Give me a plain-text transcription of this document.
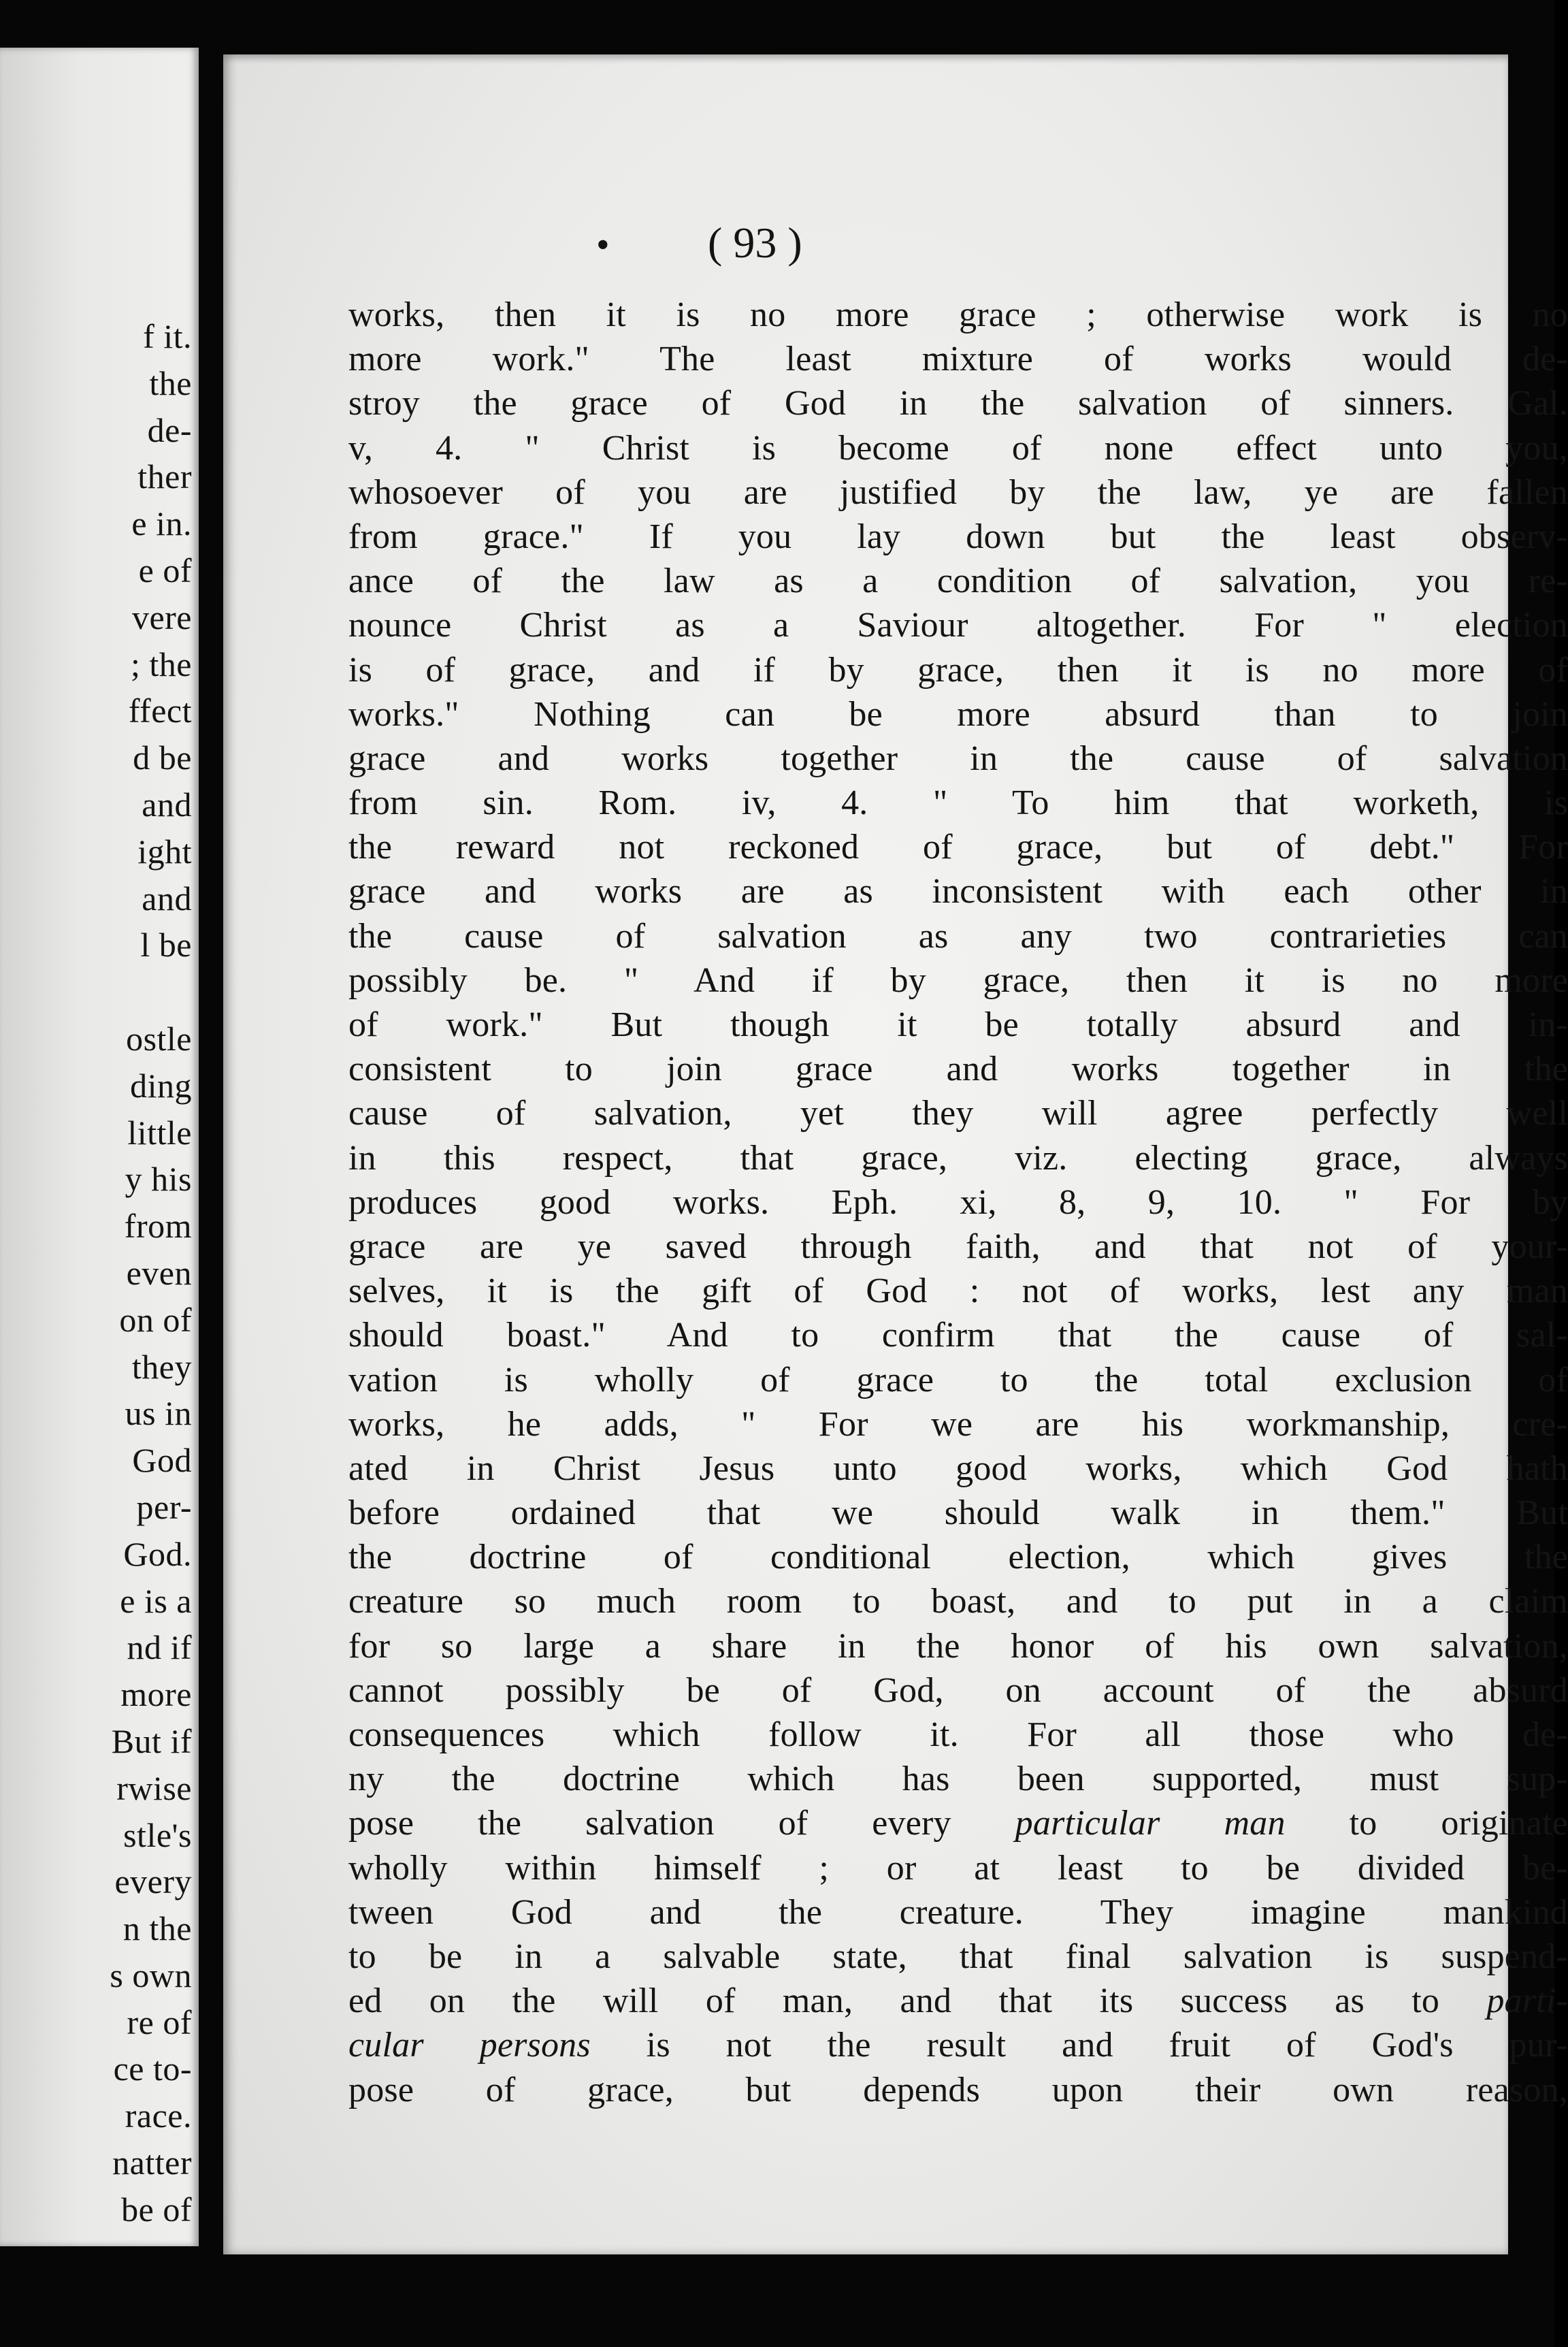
f it.
the
de-
ther
e in.
e of
vere
; the
ffect
d be
and
ight
and
l be
ostle
ding
little
y his
from
even
on of
they
us in
God
per-
God.
e is a
nd if
more
But if
rwise
stle's
every
n the
s own
re of
ce to-
race.
natter
be of
• ( 93 )
works, then it is no more grace ; otherwise work is no
more work." The least mixture of works would de-
stroy the grace of God in the salvation of sinners. Gal.
v, 4. " Christ is become of none effect unto you,
whosoever of you are justified by the law, ye are fallen
from grace." If you lay down but the least observ-
ance of the law as a condition of salvation, you re-
nounce Christ as a Saviour altogether. For " election
is of grace, and if by grace, then it is no more of
works." Nothing can be more absurd than to join
grace and works together in the cause of salvation
from sin. Rom. iv, 4. " To him that worketh, is
the reward not reckoned of grace, but of debt." For
grace and works are as inconsistent with each other in
the cause of salvation as any two contrarieties can
possibly be. " And if by grace, then it is no more
of work." But though it be totally absurd and in-
consistent to join grace and works together in the
cause of salvation, yet they will agree perfectly well
in this respect, that grace, viz. electing grace, always
produces good works. Eph. xi, 8, 9, 10. " For by
grace are ye saved through faith, and that not of your-
selves, it is the gift of God : not of works, lest any man
should boast." And to confirm that the cause of sal-
vation is wholly of grace to the total exclusion of
works, he adds, " For we are his workmanship, cre-
ated in Christ Jesus unto good works, which God hath
before ordained that we should walk in them." But
the doctrine of conditional election, which gives the
creature so much room to boast, and to put in a claim
for so large a share in the honor of his own salvation,
cannot possibly be of God, on account of the absurd
consequences which follow it. For all those who de-
ny the doctrine which has been supported, must sup-
pose the salvation of every particular man to originate
wholly within himself ; or at least to be divided be-
tween God and the creature. They imagine mankind
to be in a salvable state, that final salvation is suspend-
ed on the will of man, and that its success as to parti-
cular persons is not the result and fruit of God's pur-
pose of grace, but depends upon their own reason,
